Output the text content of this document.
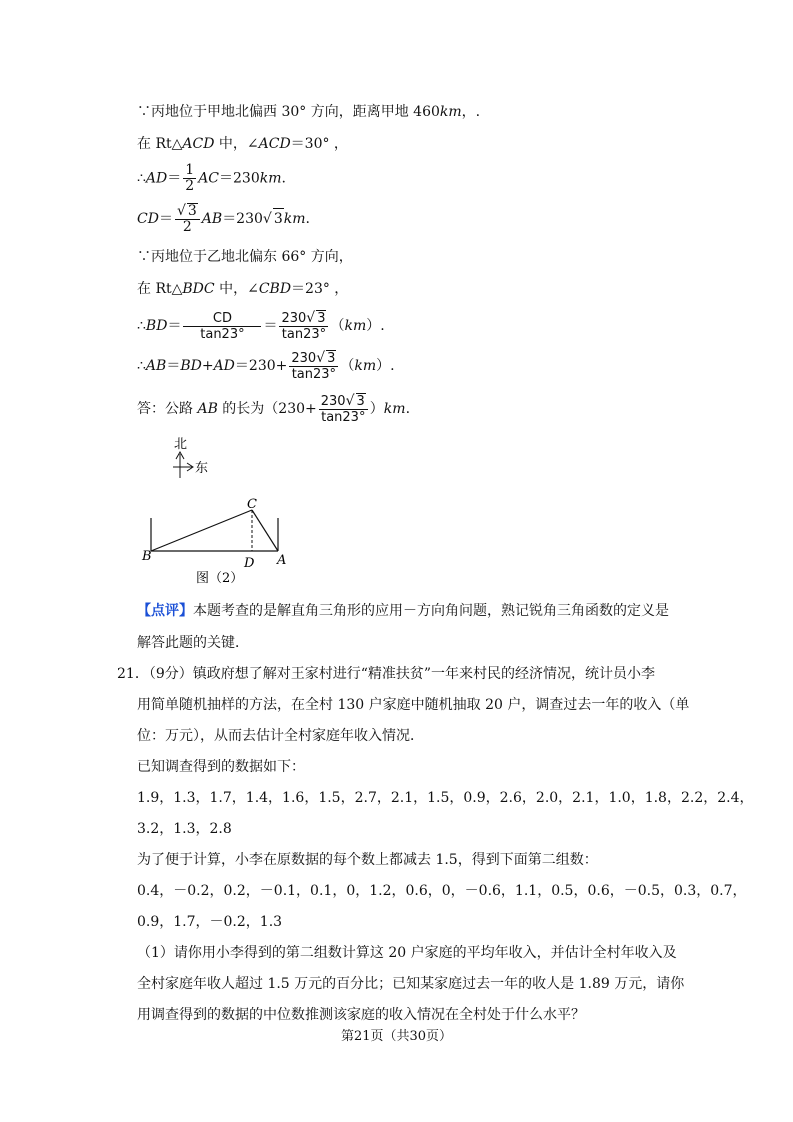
∵丙地位于甲地北偏西 30° 方向，距离甲地 460km，.
在 Rt△ACD 中，∠ACD＝30° ，
∴AD＝ $\frac{1}{2} AC=230km$.
$CD= \frac{√ 3}{2} AB=230√$ 3km.
∵丙地位于乙地北偏东 66° 方向，
在 Rt△BDC 中，∠CBD＝23° ，
∴BD＝ $\frac{CD}{\tan 23^\circ} = \frac{230√ 3}{\tan 23^\circ} (km)$.
∴AB＝BD+AD＝230+ $\frac{230√ 3}{\tan 23^\circ} (km)$.
答：公路 AB 的长为$(230+ \frac{230√ 3}{\tan 23^\circ} )km$.
北
东
C
B	D A
图（2）
【点评】本题考查的是解直角三角形的应用－方向角问题，熟记锐角三角函数的定义是
解答此题的关键．
21．（9分）镇政府想了解对王家村进行“精准扶贫”一年来村民的经济情况，统计员小李
用简单随机抽样的方法，在全村 130 户家庭中随机抽取 20 户，调查过去一年的收入（单
位：万元），从而去估计全村家庭年收入情况．
已知调查得到的数据如下：
1.9，1.3，1.7，1.4，1.6，1.5，2.7，2.1，1.5，0.9，2.6，2.0，2.1，1.0，1.8，2.2，2.4，
3.2，1.3，2.8
为了便于计算，小李在原数据的每个数上都减去 1.5，得到下面第二组数：
0.4，－0.2，0.2，－0.1，0.1，0，1.2，0.6，0，－0.6，1.1，0.5，0.6，－0.5，0.3，0.7，
0.9，1.7，－0.2，1.3
（1）请你用小李得到的第二组数计算这 20 户家庭的平均年收入，并估计全村年收入及
全村家庭年收人超过 1.5 万元的百分比；已知某家庭过去一年的收人是 1.89 万元，请你
用调查得到的数据的中位数推测该家庭的收入情况在全村处于什么水平？
第21页（共30页）
